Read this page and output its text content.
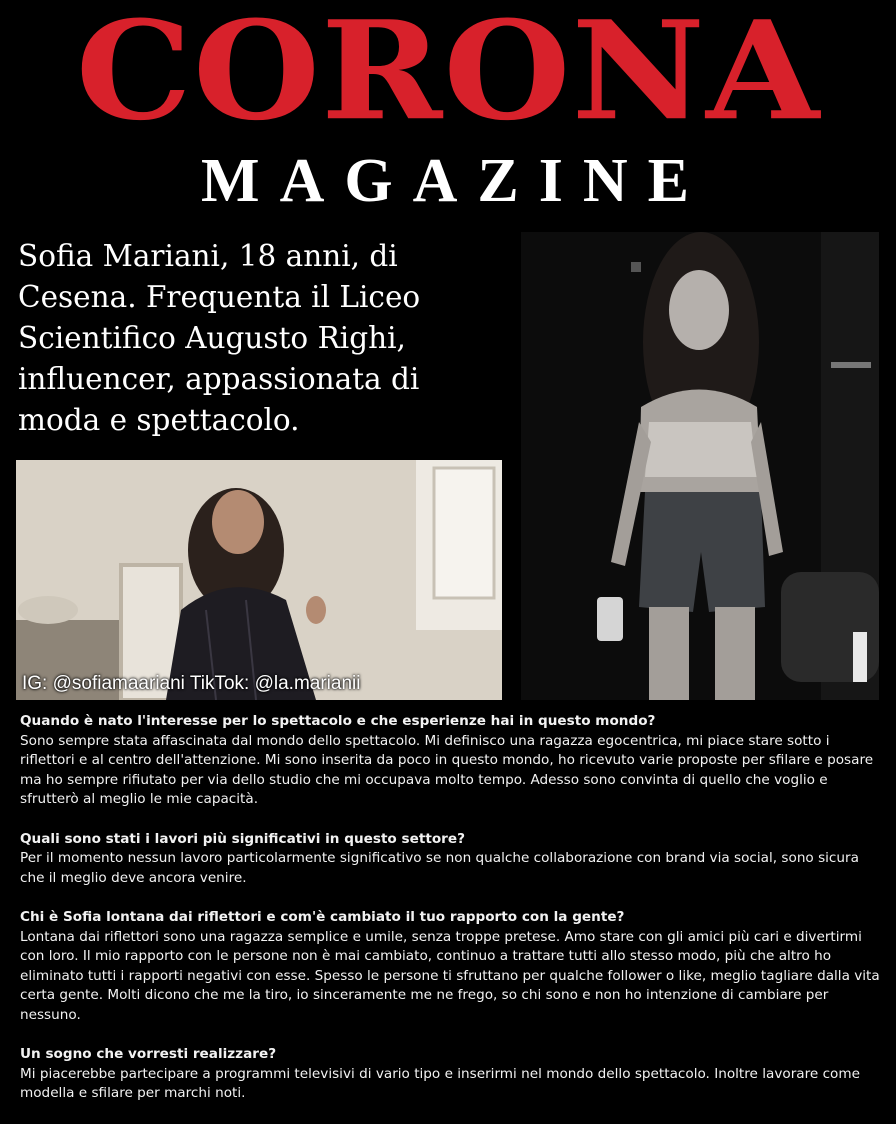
CORONA
MAGAZINE

Sofia Mariani, 18 anni, di Cesena. Frequenta il Liceo Scientifico Augusto Righi, influencer, appassionata di moda e spettacolo.

IG: @sofiamaariani TikTok: @la.marianii
Quando è nato l'interesse per lo spettacolo e che esperienze hai in questo mondo?
Sono sempre stata affascinata dal mondo dello spettacolo. Mi definisco una ragazza egocentrica, mi piace stare sotto i riflettori e al centro dell'attenzione. Mi sono inserita da poco in questo mondo, ho ricevuto varie proposte per sfilare e posare ma ho sempre rifiutato per via dello studio che mi occupava molto tempo. Adesso sono convinta di quello che voglio e sfrutterò al meglio le mie capacità.
Quali sono stati i lavori più significativi in questo settore?
Per il momento nessun lavoro particolarmente significativo se non qualche collaborazione con brand via social, sono sicura che il meglio deve ancora venire.
Chi è Sofia lontana dai riflettori e com'è cambiato il tuo rapporto con la gente?
Lontana dai riflettori sono una ragazza semplice e umile, senza troppe pretese. Amo stare con gli amici più cari e divertirmi con loro. Il mio rapporto con le persone non è mai cambiato, continuo a trattare tutti allo stesso modo, più che altro ho eliminato tutti i rapporti negativi con esse. Spesso le persone ti sfruttano per qualche follower o like, meglio tagliare dalla vita certa gente. Molti dicono che me la tiro, io sinceramente me ne frego, so chi sono e non ho intenzione di cambiare per nessuno.
Un sogno che vorresti realizzare?
Mi piacerebbe partecipare a programmi televisivi di vario tipo e inserirmi nel mondo dello spettacolo. Inoltre lavorare come modella e sfilare per marchi noti.
